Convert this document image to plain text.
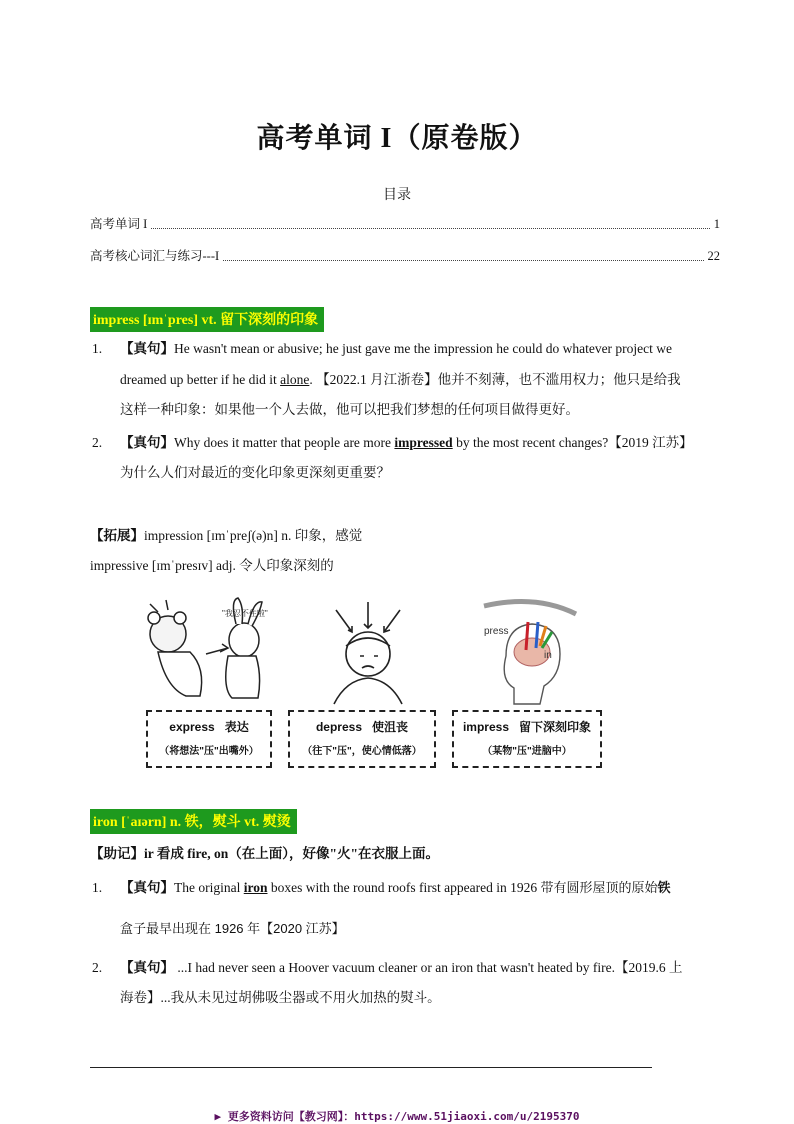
高考单词 I（原卷版）
目录
高考单词 I	1
高考核心词汇与练习---I	22
impress [ɪmˈpres] vt. 留下深刻的印象
1. 【真句】He wasn't mean or abusive; he just gave me the impression he could do whatever project we
dreamed up better if he did it alone. 【2022.1 月江浙卷】他并不刻薄，也不滥用权力；他只是给我
这样一种印象：如果他一个人去做，他可以把我们梦想的任何项目做得更好。
2. 【真句】Why does it matter that people are more impressed by the most recent changes?【2019 江苏】
为什么人们对最近的变化印象更深刻更重要？
【拓展】impression [ɪmˈpreʃ(ə)n] n. 印象，感觉
impressive [ɪmˈpresɪv] adj. 令人印象深刻的
"我忍不住啦"
press
in
express 表达
（将想法"压"出嘴外）
depress 使沮丧
（往下"压"，使心情低落）
impress 留下深刻印象
（某物"压"进脑中）
iron [ˈaɪərn] n. 铁，熨斗 vt. 熨烫
【助记】ir 看成 fire, on（在上面），好像"火"在衣服上面。
1. 【真句】The original iron boxes with the round roofs first appeared in 1926 带有圆形屋顶的原始铁
盒子最早出现在 1926 年【2020 江苏】
2. 【真句】 ...I had never seen a Hoover vacuum cleaner or an iron that wasn't heated by fire.【2019.6 上
海卷】...我从未见过胡佛吸尘器或不用火加热的熨斗。
▶ 更多资料访问【教习网】：https://www.51jiaoxi.com/u/2195370
